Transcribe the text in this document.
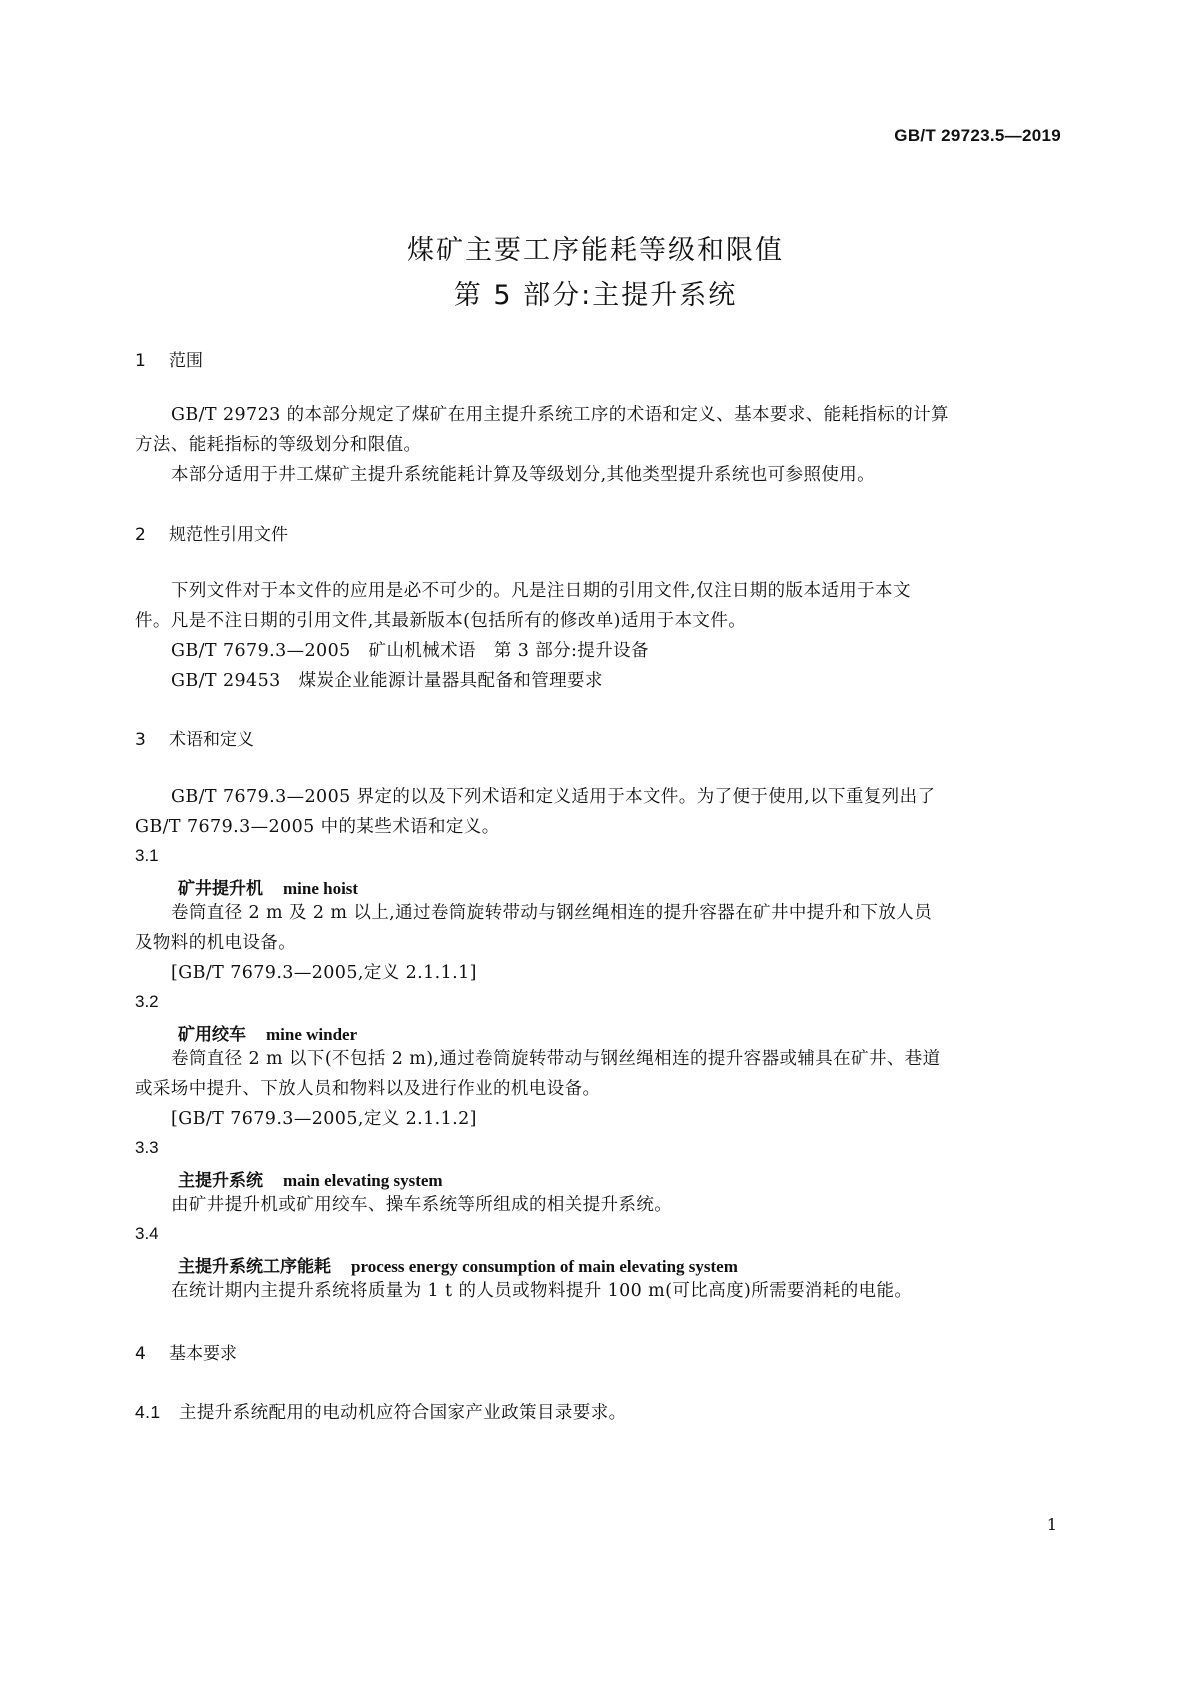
GB/T 29723.5—2019
煤矿主要工序能耗等级和限值
第 5 部分:主提升系统
1 范围
GB/T 29723 的本部分规定了煤矿在用主提升系统工序的术语和定义、基本要求、能耗指标的计算
方法、能耗指标的等级划分和限值。
本部分适用于井工煤矿主提升系统能耗计算及等级划分,其他类型提升系统也可参照使用。
2 规范性引用文件
下列文件对于本文件的应用是必不可少的。凡是注日期的引用文件,仅注日期的版本适用于本文
件。凡是不注日期的引用文件,其最新版本(包括所有的修改单)适用于本文件。
GB/T 7679.3—2005　矿山机械术语　第 3 部分:提升设备
GB/T 29453　煤炭企业能源计量器具配备和管理要求
3 术语和定义
GB/T 7679.3—2005 界定的以及下列术语和定义适用于本文件。为了便于使用,以下重复列出了
GB/T 7679.3—2005 中的某些术语和定义。
3.1
矿井提升机 mine hoist
卷筒直径 2 m 及 2 m 以上,通过卷筒旋转带动与钢丝绳相连的提升容器在矿井中提升和下放人员
及物料的机电设备。
[GB/T 7679.3—2005,定义 2.1.1.1]
3.2
矿用绞车 mine winder
卷筒直径 2 m 以下(不包括 2 m),通过卷筒旋转带动与钢丝绳相连的提升容器或辅具在矿井、巷道
或采场中提升、下放人员和物料以及进行作业的机电设备。
[GB/T 7679.3—2005,定义 2.1.1.2]
3.3
主提升系统 main elevating system
由矿井提升机或矿用绞车、操车系统等所组成的相关提升系统。
3.4
主提升系统工序能耗 process energy consumption of main elevating system
在统计期内主提升系统将质量为 1 t 的人员或物料提升 100 m(可比高度)所需要消耗的电能。
4 基本要求
4.1 主提升系统配用的电动机应符合国家产业政策目录要求。
1
